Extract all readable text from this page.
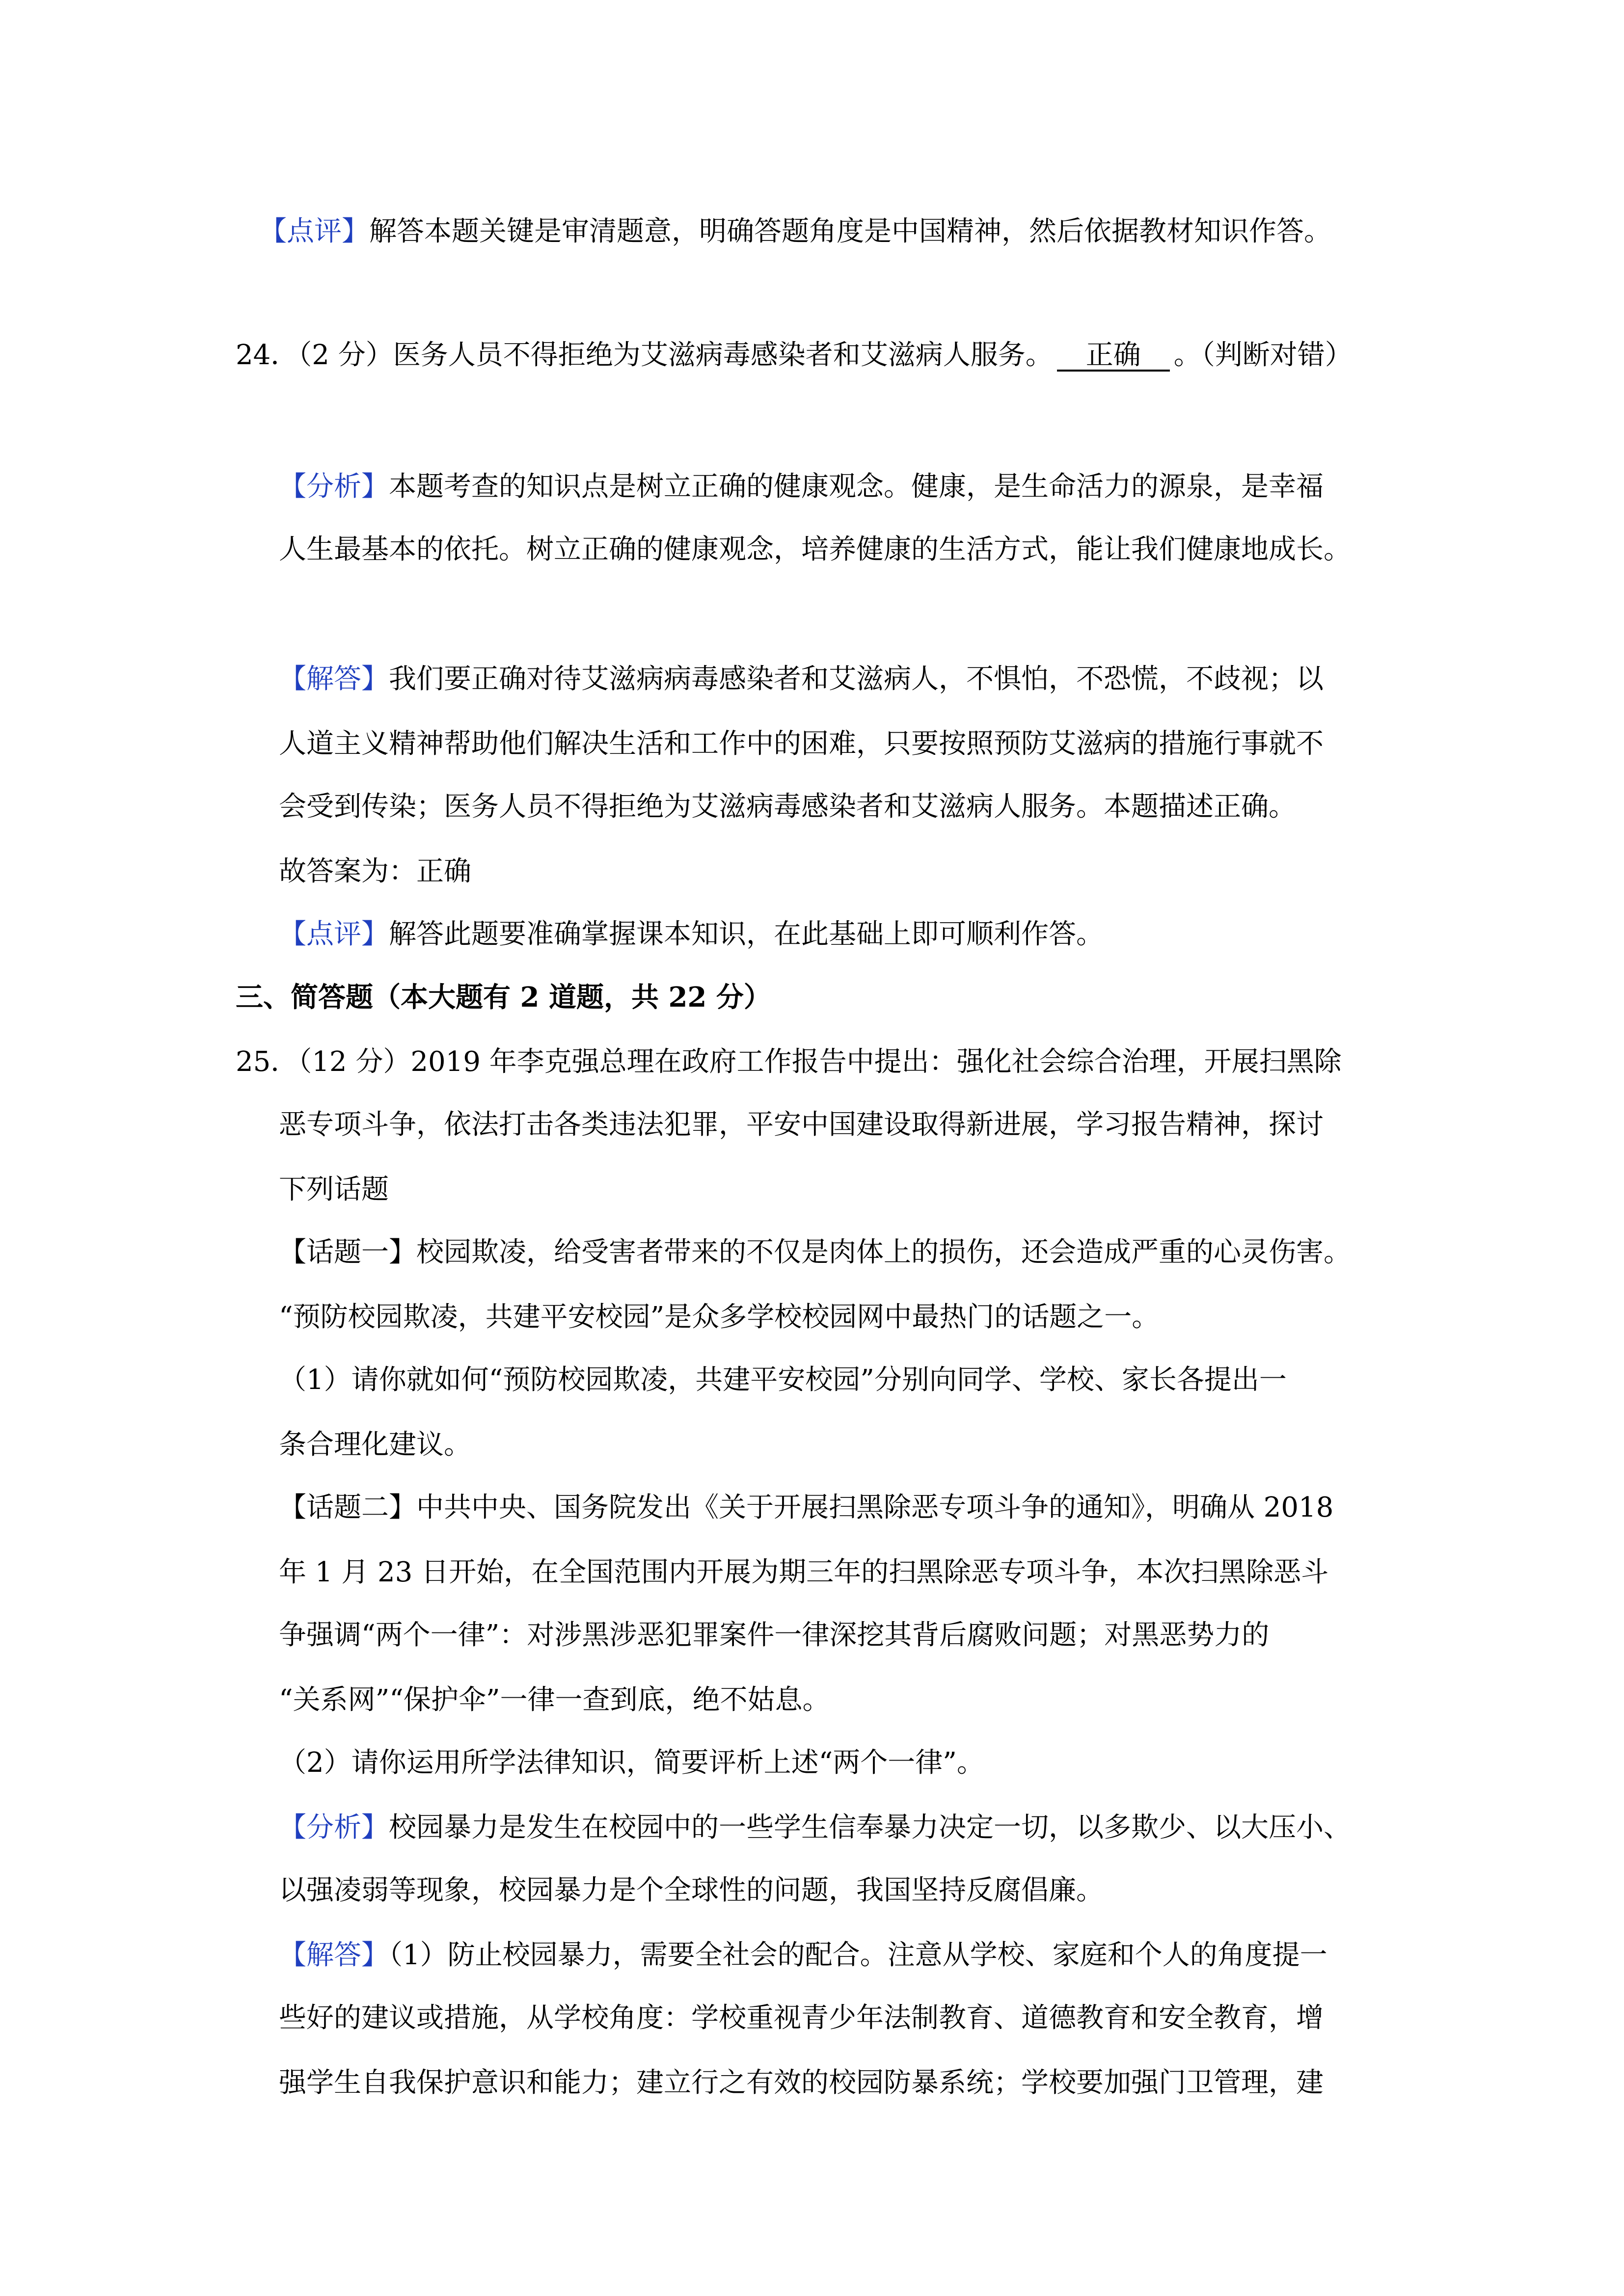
【点评】解答本题关键是审清题意，明确答题角度是中国精神，然后依据教材知识作答。
24．（2 分）医务人员不得拒绝为艾滋病毒感染者和艾滋病人服务。 正确 。（判断对错）
【分析】本题考查的知识点是树立正确的健康观念。健康，是生命活力的源泉，是幸福
人生最基本的依托。树立正确的健康观念，培养健康的生活方式，能让我们健康地成长。
【解答】我们要正确对待艾滋病病毒感染者和艾滋病人，不惧怕，不恐慌，不歧视；以
人道主义精神帮助他们解决生活和工作中的困难，只要按照预防艾滋病的措施行事就不
会受到传染；医务人员不得拒绝为艾滋病毒感染者和艾滋病人服务。本题描述正确。
故答案为：正确
【点评】解答此题要准确掌握课本知识，在此基础上即可顺利作答。
三、简答题（本大题有 2 道题，共 22 分）
25．（12 分）2019 年李克强总理在政府工作报告中提出：强化社会综合治理，开展扫黑除
恶专项斗争，依法打击各类违法犯罪，平安中国建设取得新进展，学习报告精神，探讨
下列话题
【话题一】校园欺凌，给受害者带来的不仅是肉体上的损伤，还会造成严重的心灵伤害。
“预防校园欺凌，共建平安校园”是众多学校校园网中最热门的话题之一。
（1）请你就如何“预防校园欺凌，共建平安校园”分别向同学、学校、家长各提出一
条合理化建议。
【话题二】中共中央、国务院发出《关于开展扫黑除恶专项斗争的通知》，明确从 2018
年 1 月 23 日开始，在全国范围内开展为期三年的扫黑除恶专项斗争，本次扫黑除恶斗
争强调“两个一律”：对涉黑涉恶犯罪案件一律深挖其背后腐败问题；对黑恶势力的
“关系网”“保护伞”一律一查到底，绝不姑息。
（2）请你运用所学法律知识，简要评析上述“两个一律”。
【分析】校园暴力是发生在校园中的一些学生信奉暴力决定一切，以多欺少、以大压小、
以强凌弱等现象，校园暴力是个全球性的问题，我国坚持反腐倡廉。
【解答】（1）防止校园暴力，需要全社会的配合。注意从学校、家庭和个人的角度提一
些好的建议或措施，从学校角度：学校重视青少年法制教育、道德教育和安全教育，增
强学生自我保护意识和能力；建立行之有效的校园防暴系统；学校要加强门卫管理，建
